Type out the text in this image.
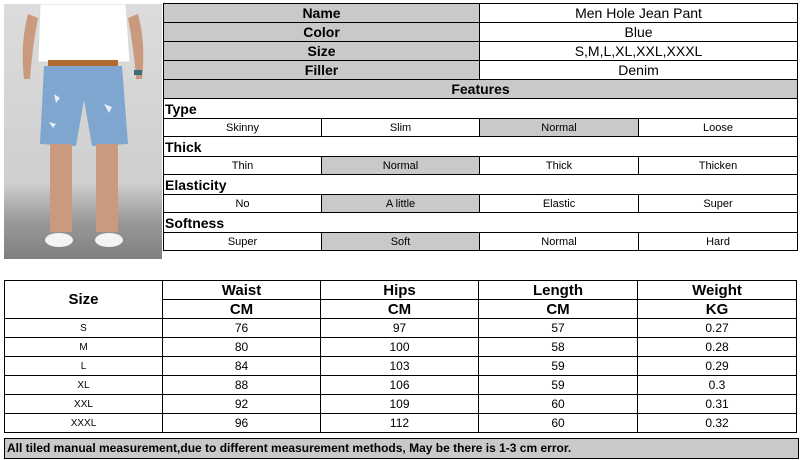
Name		Men Hole Jean Pant	
Color		Blue	
Size		S,M,L,XL,XXL,XXXL	
Filler		Denim	
Features			
Type			
Skinny	Slim	Normal	Loose
Thick			
Thin	Normal	Thick	Thicken
Elasticity			
No	A little	Elastic	Super
Softness			
Super	Soft	Normal	Hard
Size	Waist	Hips	Length	Weight
	CM	CM	CM	KG
S	76	97	57	0.27
M	80	100	58	0.28
L	84	103	59	0.29
XL	88	106	59	0.3
XXL	92	109	60	0.31
XXXL	96	112	60	0.32
All tiled manual measurement,due to different measurement methods, May be there is 1-3 cm error.
